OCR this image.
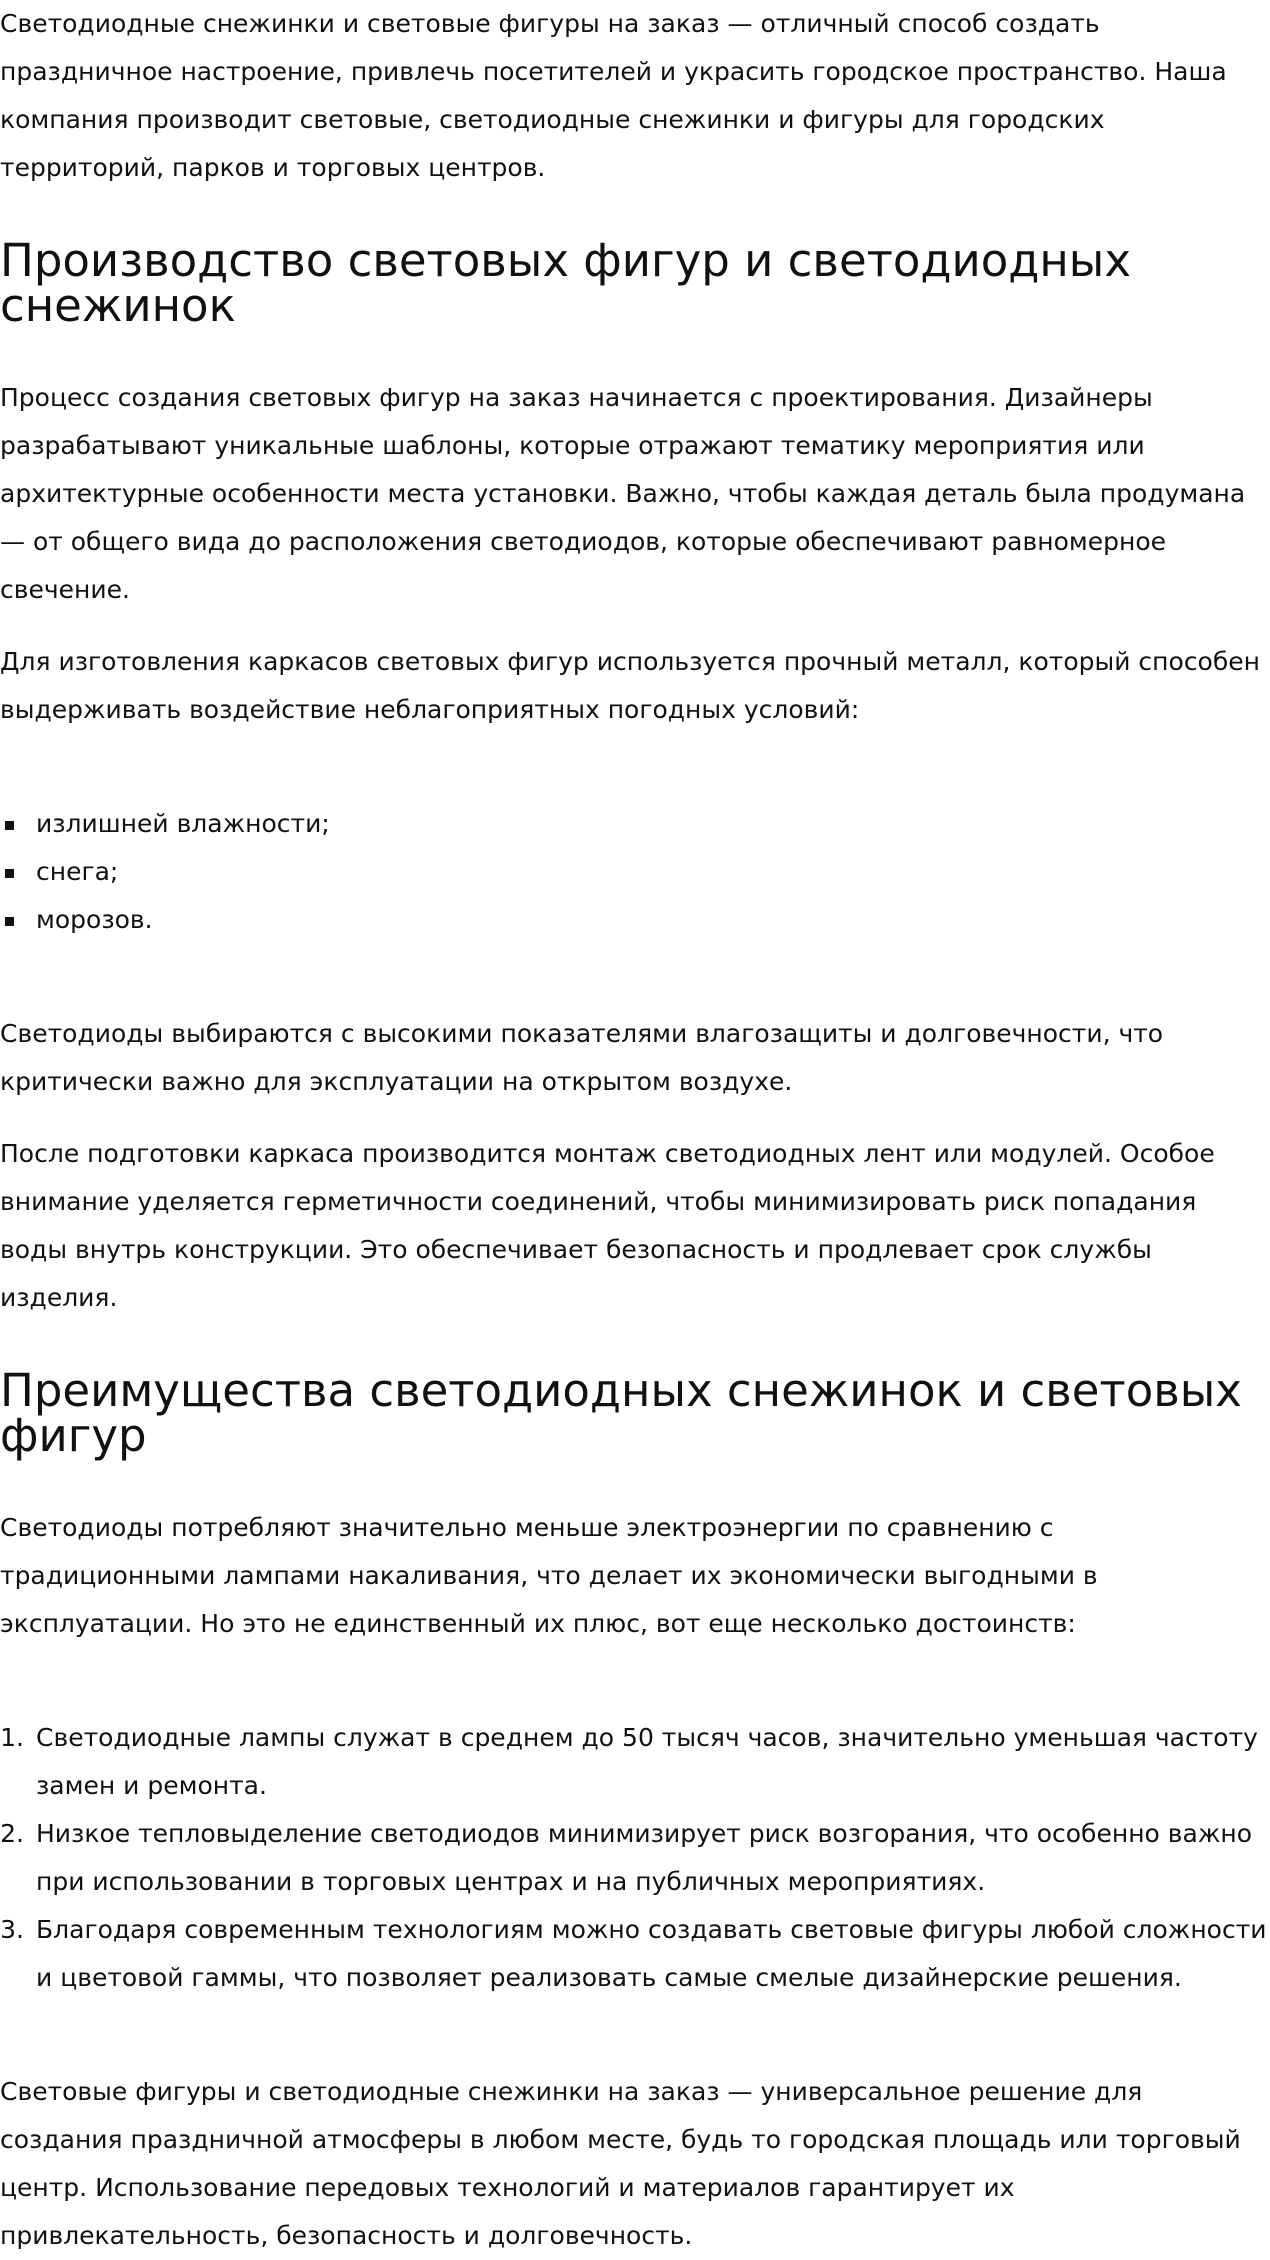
Светодиодные снежинки и световые фигуры на заказ — отличный способ создать праздничное настроение, привлечь посетителей и украсить городское пространство. Наша компания производит световые, светодиодные снежинки и фигуры для городских территорий, парков и торговых центров.

Производство световых фигур и светодиодных снежинок

Процесс создания световых фигур на заказ начинается с проектирования. Дизайнеры разрабатывают уникальные шаблоны, которые отражают тематику мероприятия или архитектурные особенности места установки. Важно, чтобы каждая деталь была продумана — от общего вида до расположения светодиодов, которые обеспечивают равномерное свечение.

Для изготовления каркасов световых фигур используется прочный металл, который способен выдерживать воздействие неблагоприятных погодных условий:

излишней влажности;
снега;
морозов.

Светодиоды выбираются с высокими показателями влагозащиты и долговечности, что критически важно для эксплуатации на открытом воздухе.

После подготовки каркаса производится монтаж светодиодных лент или модулей. Особое внимание уделяется герметичности соединений, чтобы минимизировать риск попадания воды внутрь конструкции. Это обеспечивает безопасность и продлевает срок службы изделия.

Преимущества светодиодных снежинок и световых фигур

Светодиоды потребляют значительно меньше электроэнергии по сравнению с традиционными лампами накаливания, что делает их экономически выгодными в эксплуатации. Но это не единственный их плюс, вот еще несколько достоинств:

1 . Светодиодные лампы служат в среднем до 50 тысяч часов, значительно уменьшая частоту замен и ремонта.
2 . Низкое тепловыделение светодиодов минимизирует риск возгорания, что особенно важно при использовании в торговых центрах и на публичных мероприятиях.
3 . Благодаря современным технологиям можно создавать световые фигуры любой сложности и цветовой гаммы, что позволяет реализовать самые смелые дизайнерские решения.

Световые фигуры и светодиодные снежинки на заказ — универсальное решение для создания праздничной атмосферы в любом месте, будь то городская площадь или торговый центр. Использование передовых технологий и материалов гарантирует их привлекательность, безопасность и долговечность.
